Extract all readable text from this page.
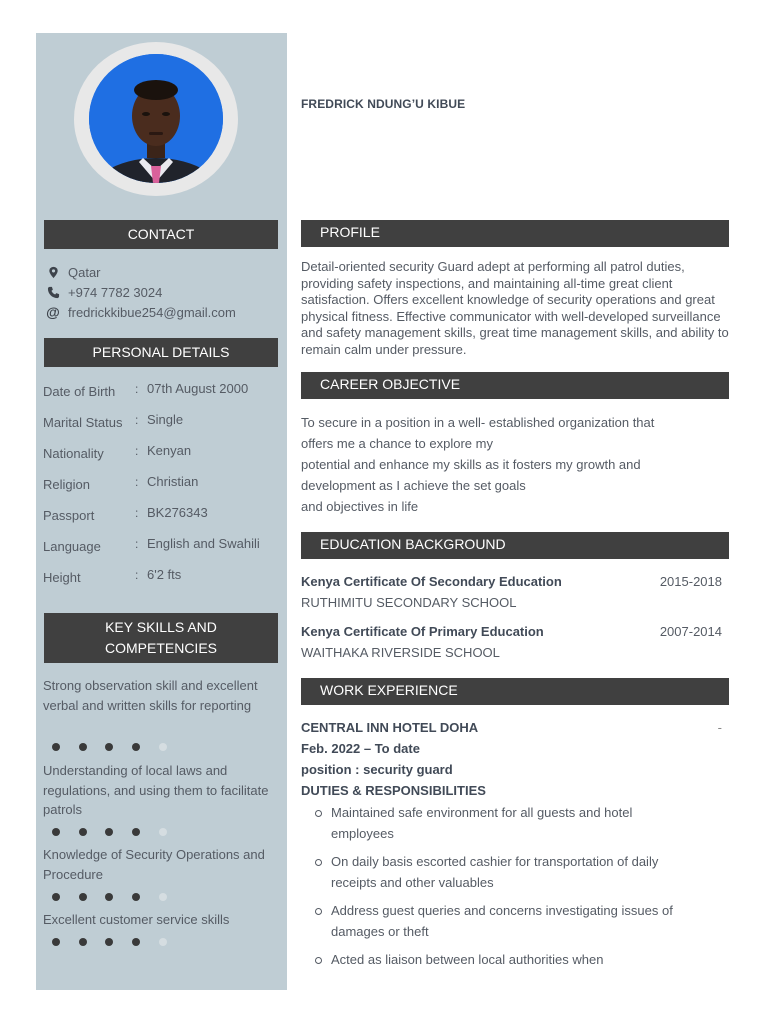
CONTACT
Qatar
+974 7782 3024
@ fredrickkibue254@gmail.com
PERSONAL DETAILS
Date of Birth : 07th August 2000
Marital Status : Single
Nationality	: Kenyan
Religion	: Christian
Passport	: BK276343
Language	: English and Swahili
Height	: 6'2 fts
KEY SKILLS AND
COMPETENCIES
Strong observation skill and excellent verbal and written skills for reporting
Understanding of local laws and regulations, and using them to facilitate patrols
Knowledge of Security Operations and Procedure
Excellent customer service skills
FREDRICK NDUNG’U KIBUE
PROFILE
Detail-oriented security Guard adept at performing all patrol duties, providing safety inspections, and maintaining all-time great client satisfaction. Offers excellent knowledge of security operations and great physical fitness. Effective communicator with well-developed surveillance and safety management skills, great time management skills, and ability to remain calm under pressure.
CAREER OBJECTIVE
To secure in a position in a well- established organization that
offers me a chance to explore my
potential and enhance my skills as it fosters my growth and
development as I achieve the set goals
and objectives in life
EDUCATION BACKGROUND
Kenya Certificate Of Secondary Education	2015-2018
RUTHIMITU SECONDARY SCHOOL
Kenya Certificate Of Primary Education	2007-2014
WAITHAKA RIVERSIDE SCHOOL
WORK EXPERIENCE
CENTRAL INN HOTEL DOHA	-
Feb. 2022 – To date
position : security guard
DUTIES & RESPONSIBILITIES
Maintained safe environment for all guests and hotel employees
On daily basis escorted cashier for transportation of daily receipts and other valuables
Address guest queries and concerns investigating issues of damages or theft
Acted as liaison between local authorities when
